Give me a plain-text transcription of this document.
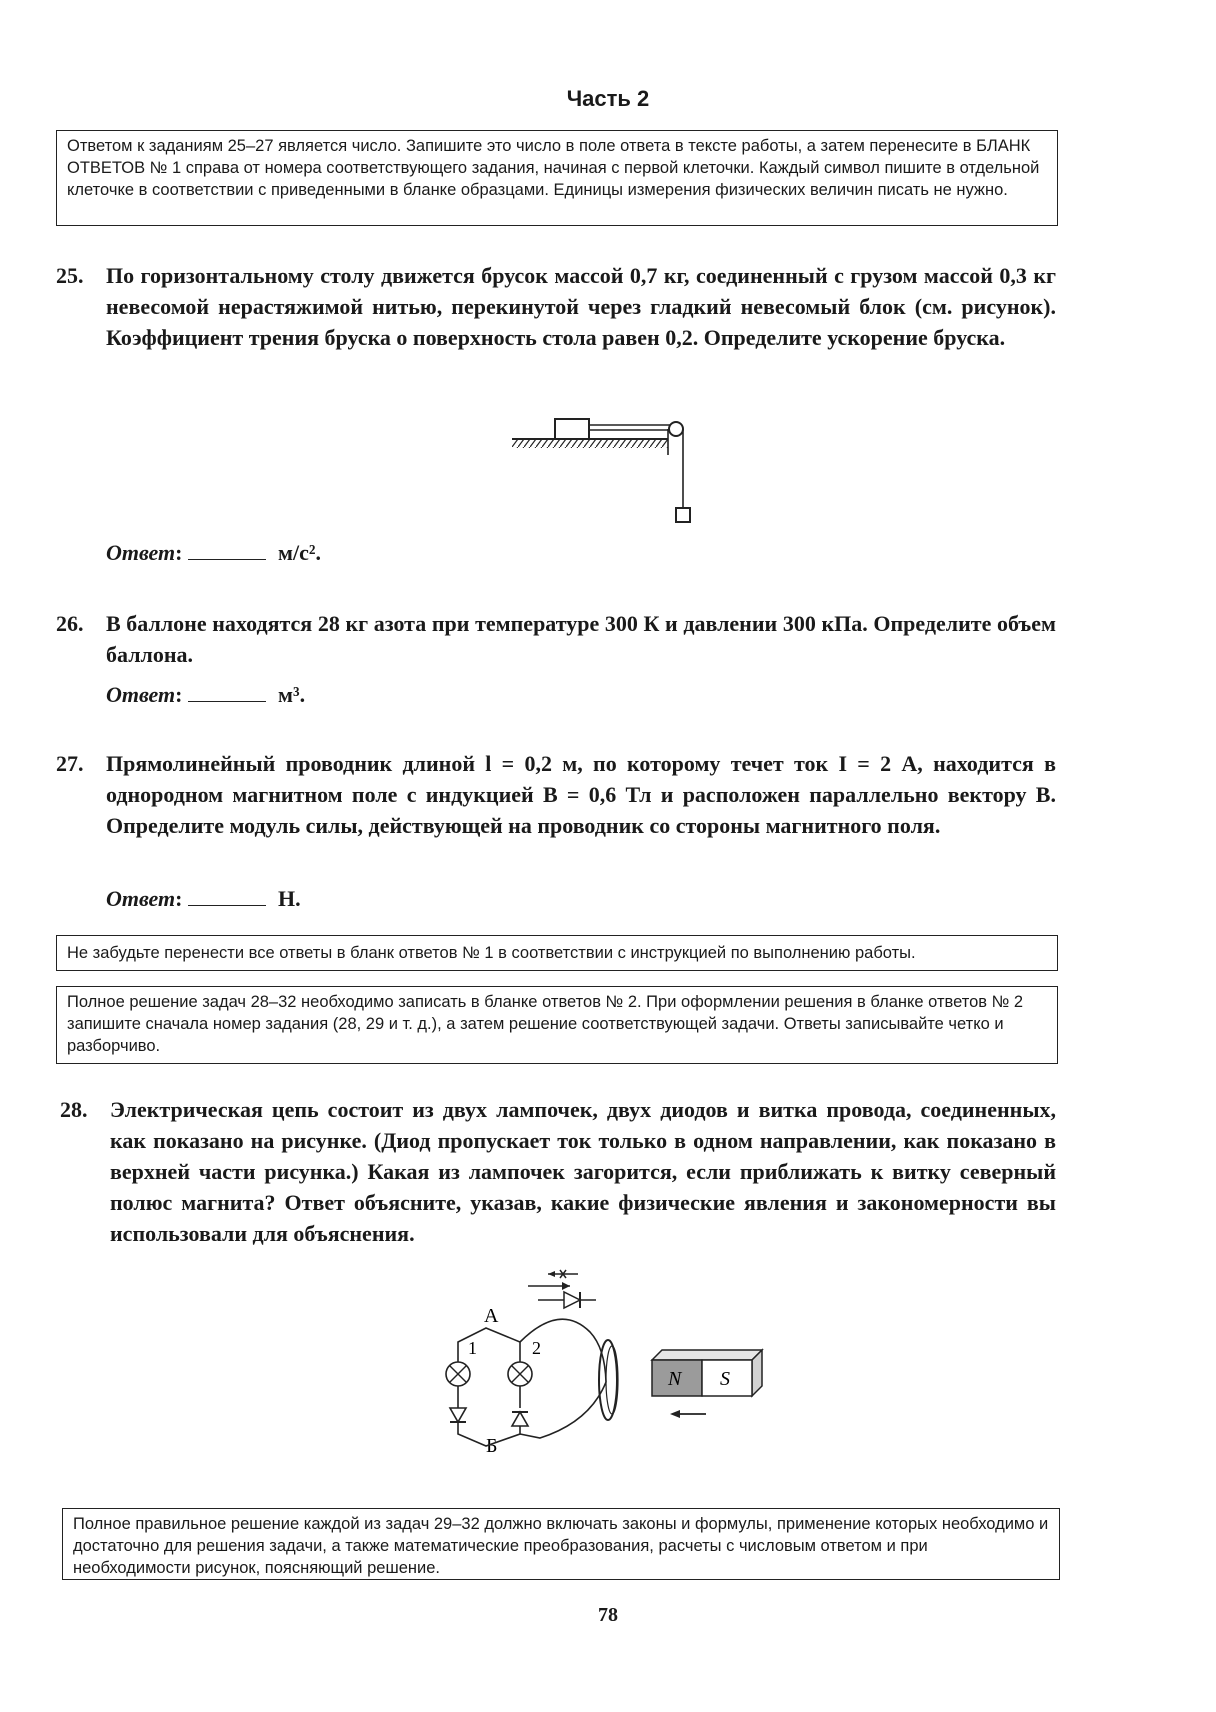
Часть 2
Ответом к заданиям 25–27 является число. Запишите это число в поле ответа в тексте работы, а затем перенесите в БЛАНК ОТВЕТОВ № 1 справа от номера соответствующего задания, начиная с первой клеточки. Каждый символ пишите в отдельной клеточке в соответствии с приведенными в бланке образцами. Единицы измерения физических величин писать не нужно.
25. По горизонтальному столу движется брусок массой 0,7 кг, соединенный с грузом массой 0,3 кг невесомой нерастяжимой нитью, перекинутой через гладкий невесомый блок (см. рисунок). Коэффициент трения бруска о поверхность стола равен 0,2. Определите ускорение бруска.
Ответ:	м/с².
26. В баллоне находятся 28 кг азота при температуре 300 К и давлении 300 кПа. Определите объем баллона.
Ответ:	м³.
27. Прямолинейный проводник длиной l = 0,2 м, по которому течет ток I = 2 А, находится в однородном магнитном поле с индукцией B = 0,6 Тл и расположен параллельно вектору B. Определите модуль силы, действующей на проводник со стороны магнитного поля.
Ответ:	Н.
Не забудьте перенести все ответы в бланк ответов № 1 в соответствии с инструкцией по выполнению работы.
Полное решение задач 28–32 необходимо записать в бланке ответов № 2. При оформлении решения в бланке ответов № 2 запишите сначала номер задания (28, 29 и т. д.), а затем решение соответствующей задачи. Ответы записывайте четко и разборчиво.
28. Электрическая цепь состоит из двух лампочек, двух диодов и витка провода, соединенных, как показано на рисунке. (Диод пропускает ток только в одном направлении, как показано в верхней части рисунка.) Какая из лампочек загорится, если приближать к витку северный полюс магнита? Ответ объясните, указав, какие физические явления и закономерности вы использовали для объяснения.
А
Б
1	2
N S
Полное правильное решение каждой из задач 29–32 должно включать законы и формулы, применение которых необходимо и достаточно для решения задачи, а также математические преобразования, расчеты с числовым ответом и при необходимости рисунок, поясняющий решение.
78
